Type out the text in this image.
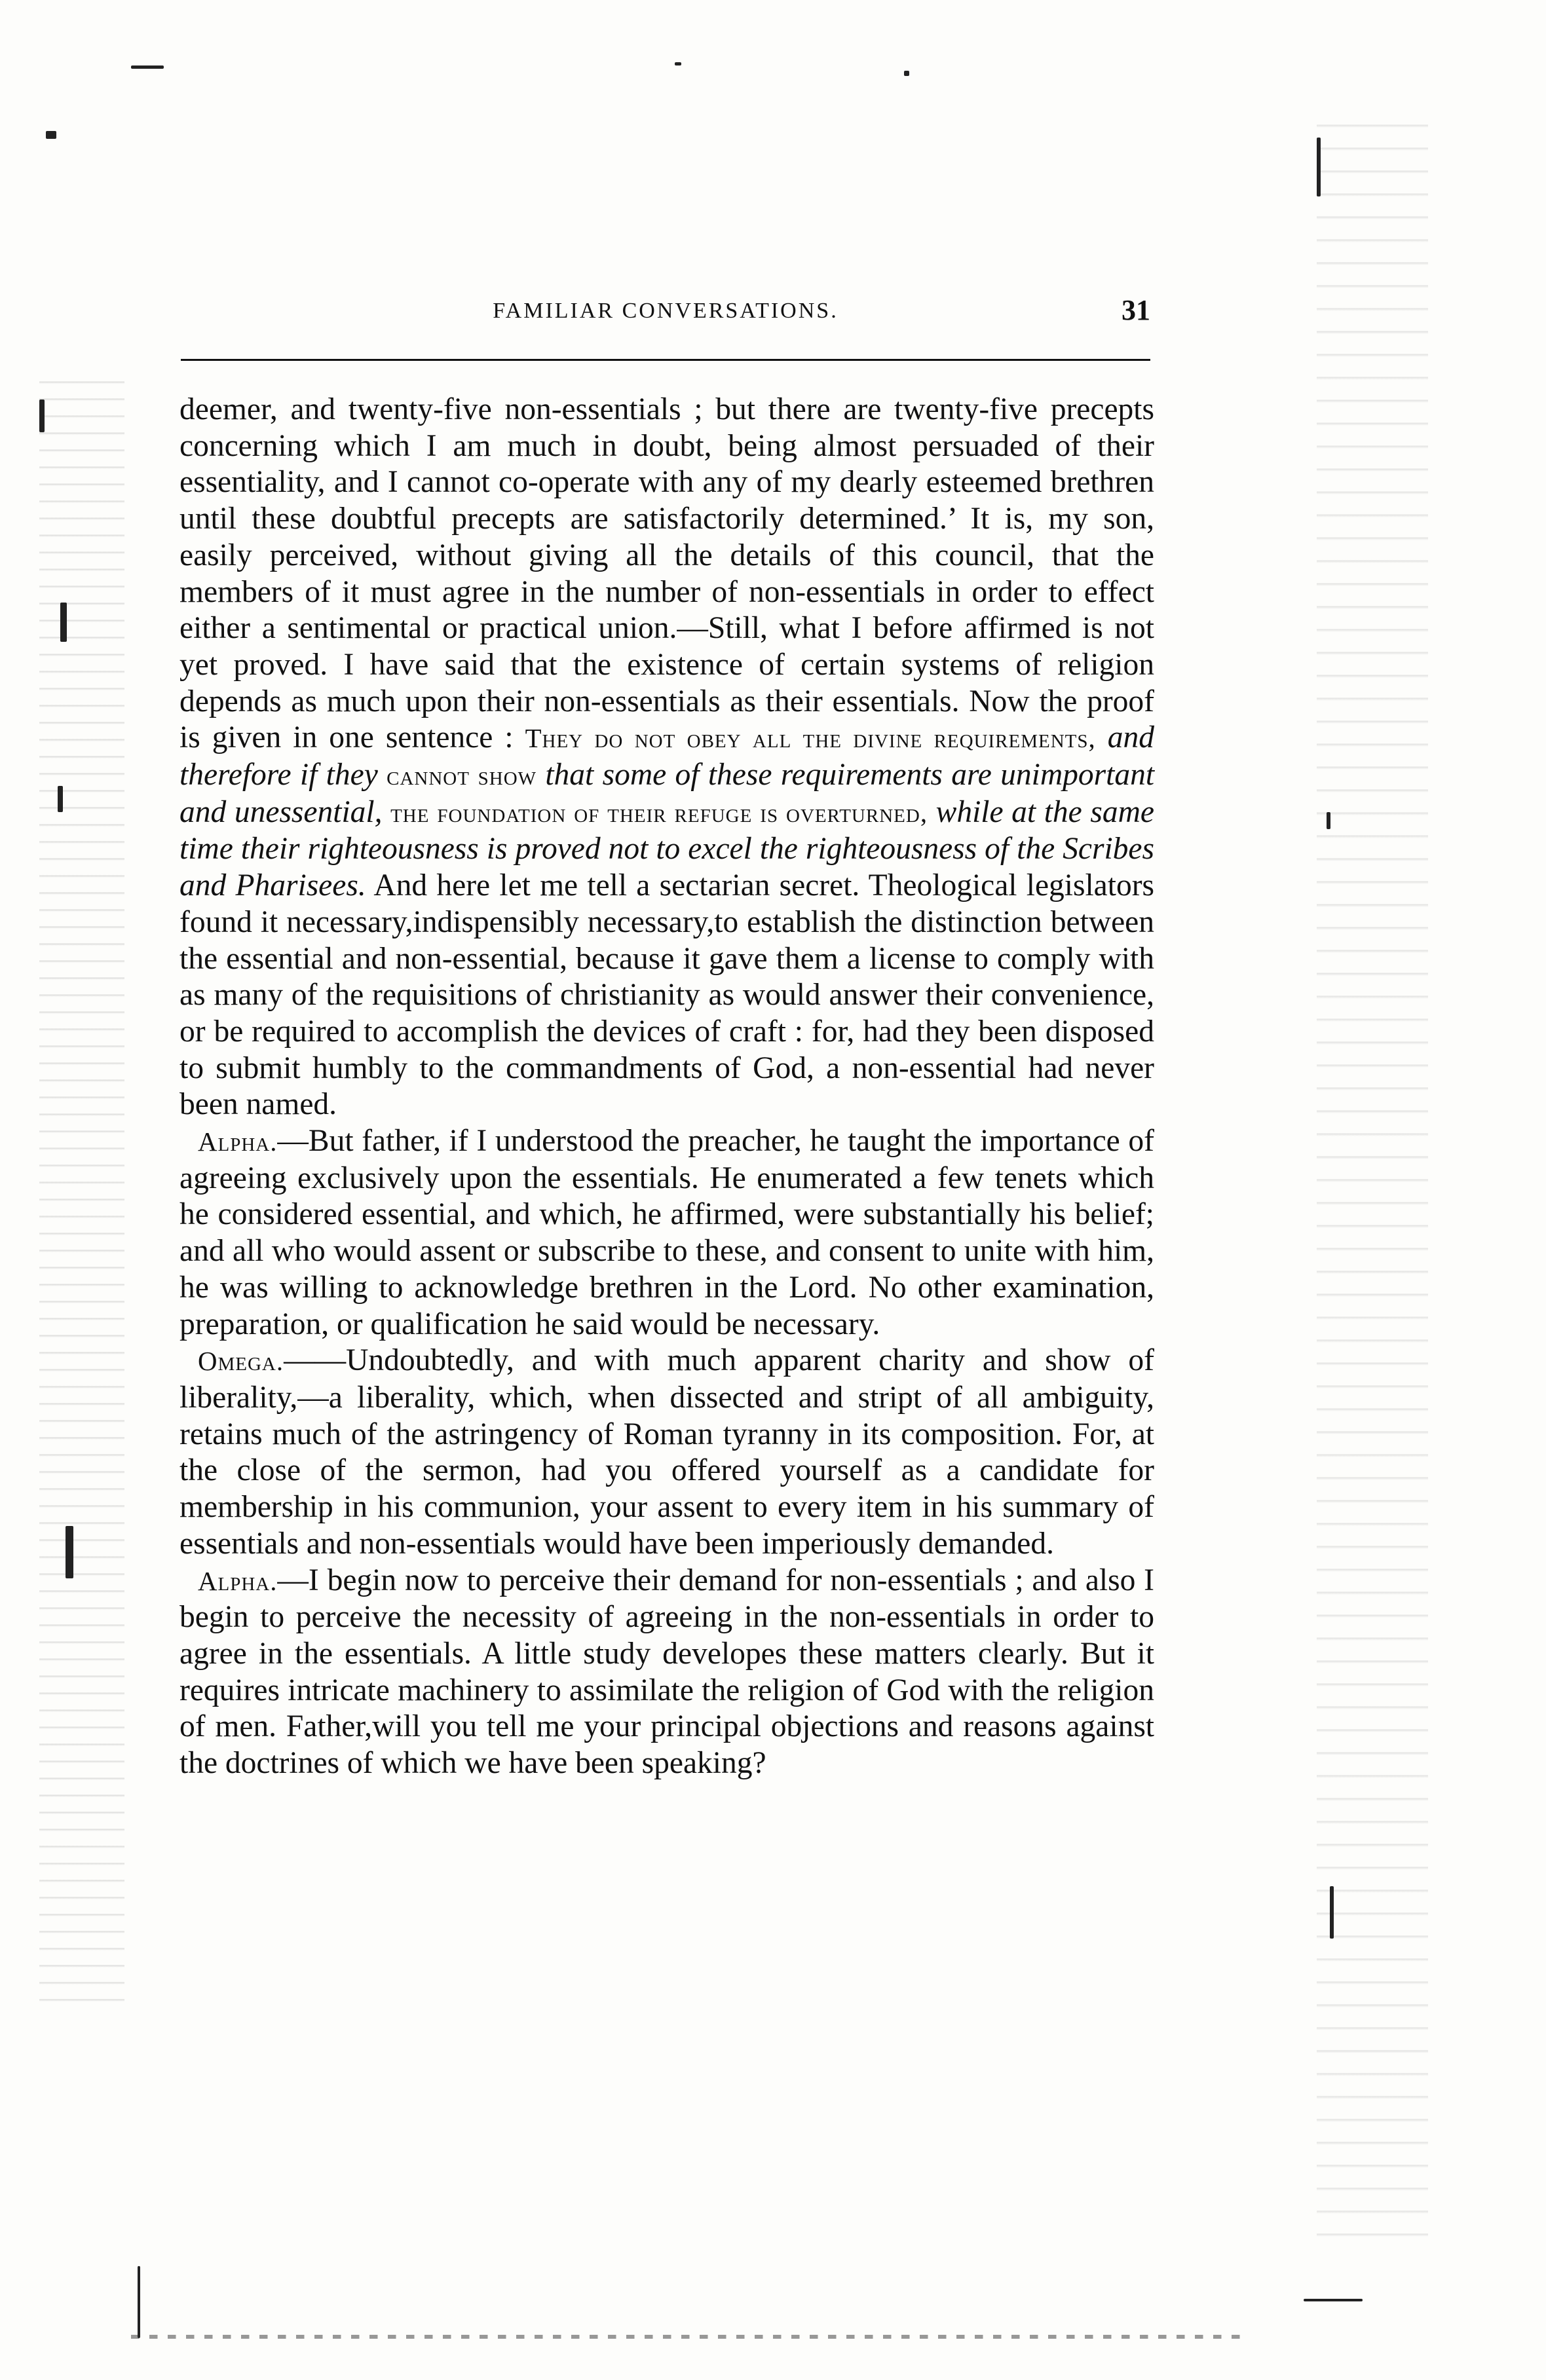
FAMILIAR CONVERSATIONS.	31

deemer, and twenty-five non-essentials ; but there are twenty-five precepts concerning which I am much in doubt, being almost persuaded of their essentiality, and I cannot co-operate with any of my dearly esteemed brethren until these doubtful precepts are satisfactorily determined.’ It is, my son, easily perceived, without giving all the details of this council, that the members of it must agree in the number of non-essentials in order to effect either a sentimental or practical union.—Still, what I before affirmed is not yet proved. I have said that the existence of certain systems of religion depends as much upon their non-essentials as their essentials. Now the proof is given in one sentence : They do not obey all the divine requirements, and therefore if they cannot show that some of these requirements are unimportant and unessential, the foundation of their refuge is overturned, while at the same time their righteousness is proved not to excel the righteousness of the Scribes and Pharisees. And here let me tell a sectarian secret. Theological legislators found it necessary,indispensibly necessary,to establish the distinction between the essential and non-essential, because it gave them a license to comply with as many of the requisitions of christianity as would answer their convenience, or be required to accomplish the devices of craft : for, had they been disposed to submit humbly to the commandments of God, a non-essential had never been named.

Alpha.—But father, if I understood the preacher, he taught the importance of agreeing exclusively upon the essentials. He enumerated a few tenets which he considered essential, and which, he affirmed, were substantially his belief; and all who would assent or subscribe to these, and consent to unite with him, he was willing to acknowledge brethren in the Lord. No other examination, preparation, or qualification he said would be necessary.

Omega.——Undoubtedly, and with much apparent charity and show of liberality,—a liberality, which, when dissected and stript of all ambiguity, retains much of the astringency of Roman tyranny in its composition. For, at the close of the sermon, had you offered yourself as a candidate for membership in his communion, your assent to every item in his summary of essentials and non-essentials would have been imperiously demanded.

Alpha.—I begin now to perceive their demand for non-essentials ; and also I begin to perceive the necessity of agreeing in the non-essentials in order to agree in the essentials. A little study developes these matters clearly. But it requires intricate machinery to assimilate the religion of God with the religion of men. Father,will you tell me your principal objections and reasons against the doctrines of which we have been speaking?
